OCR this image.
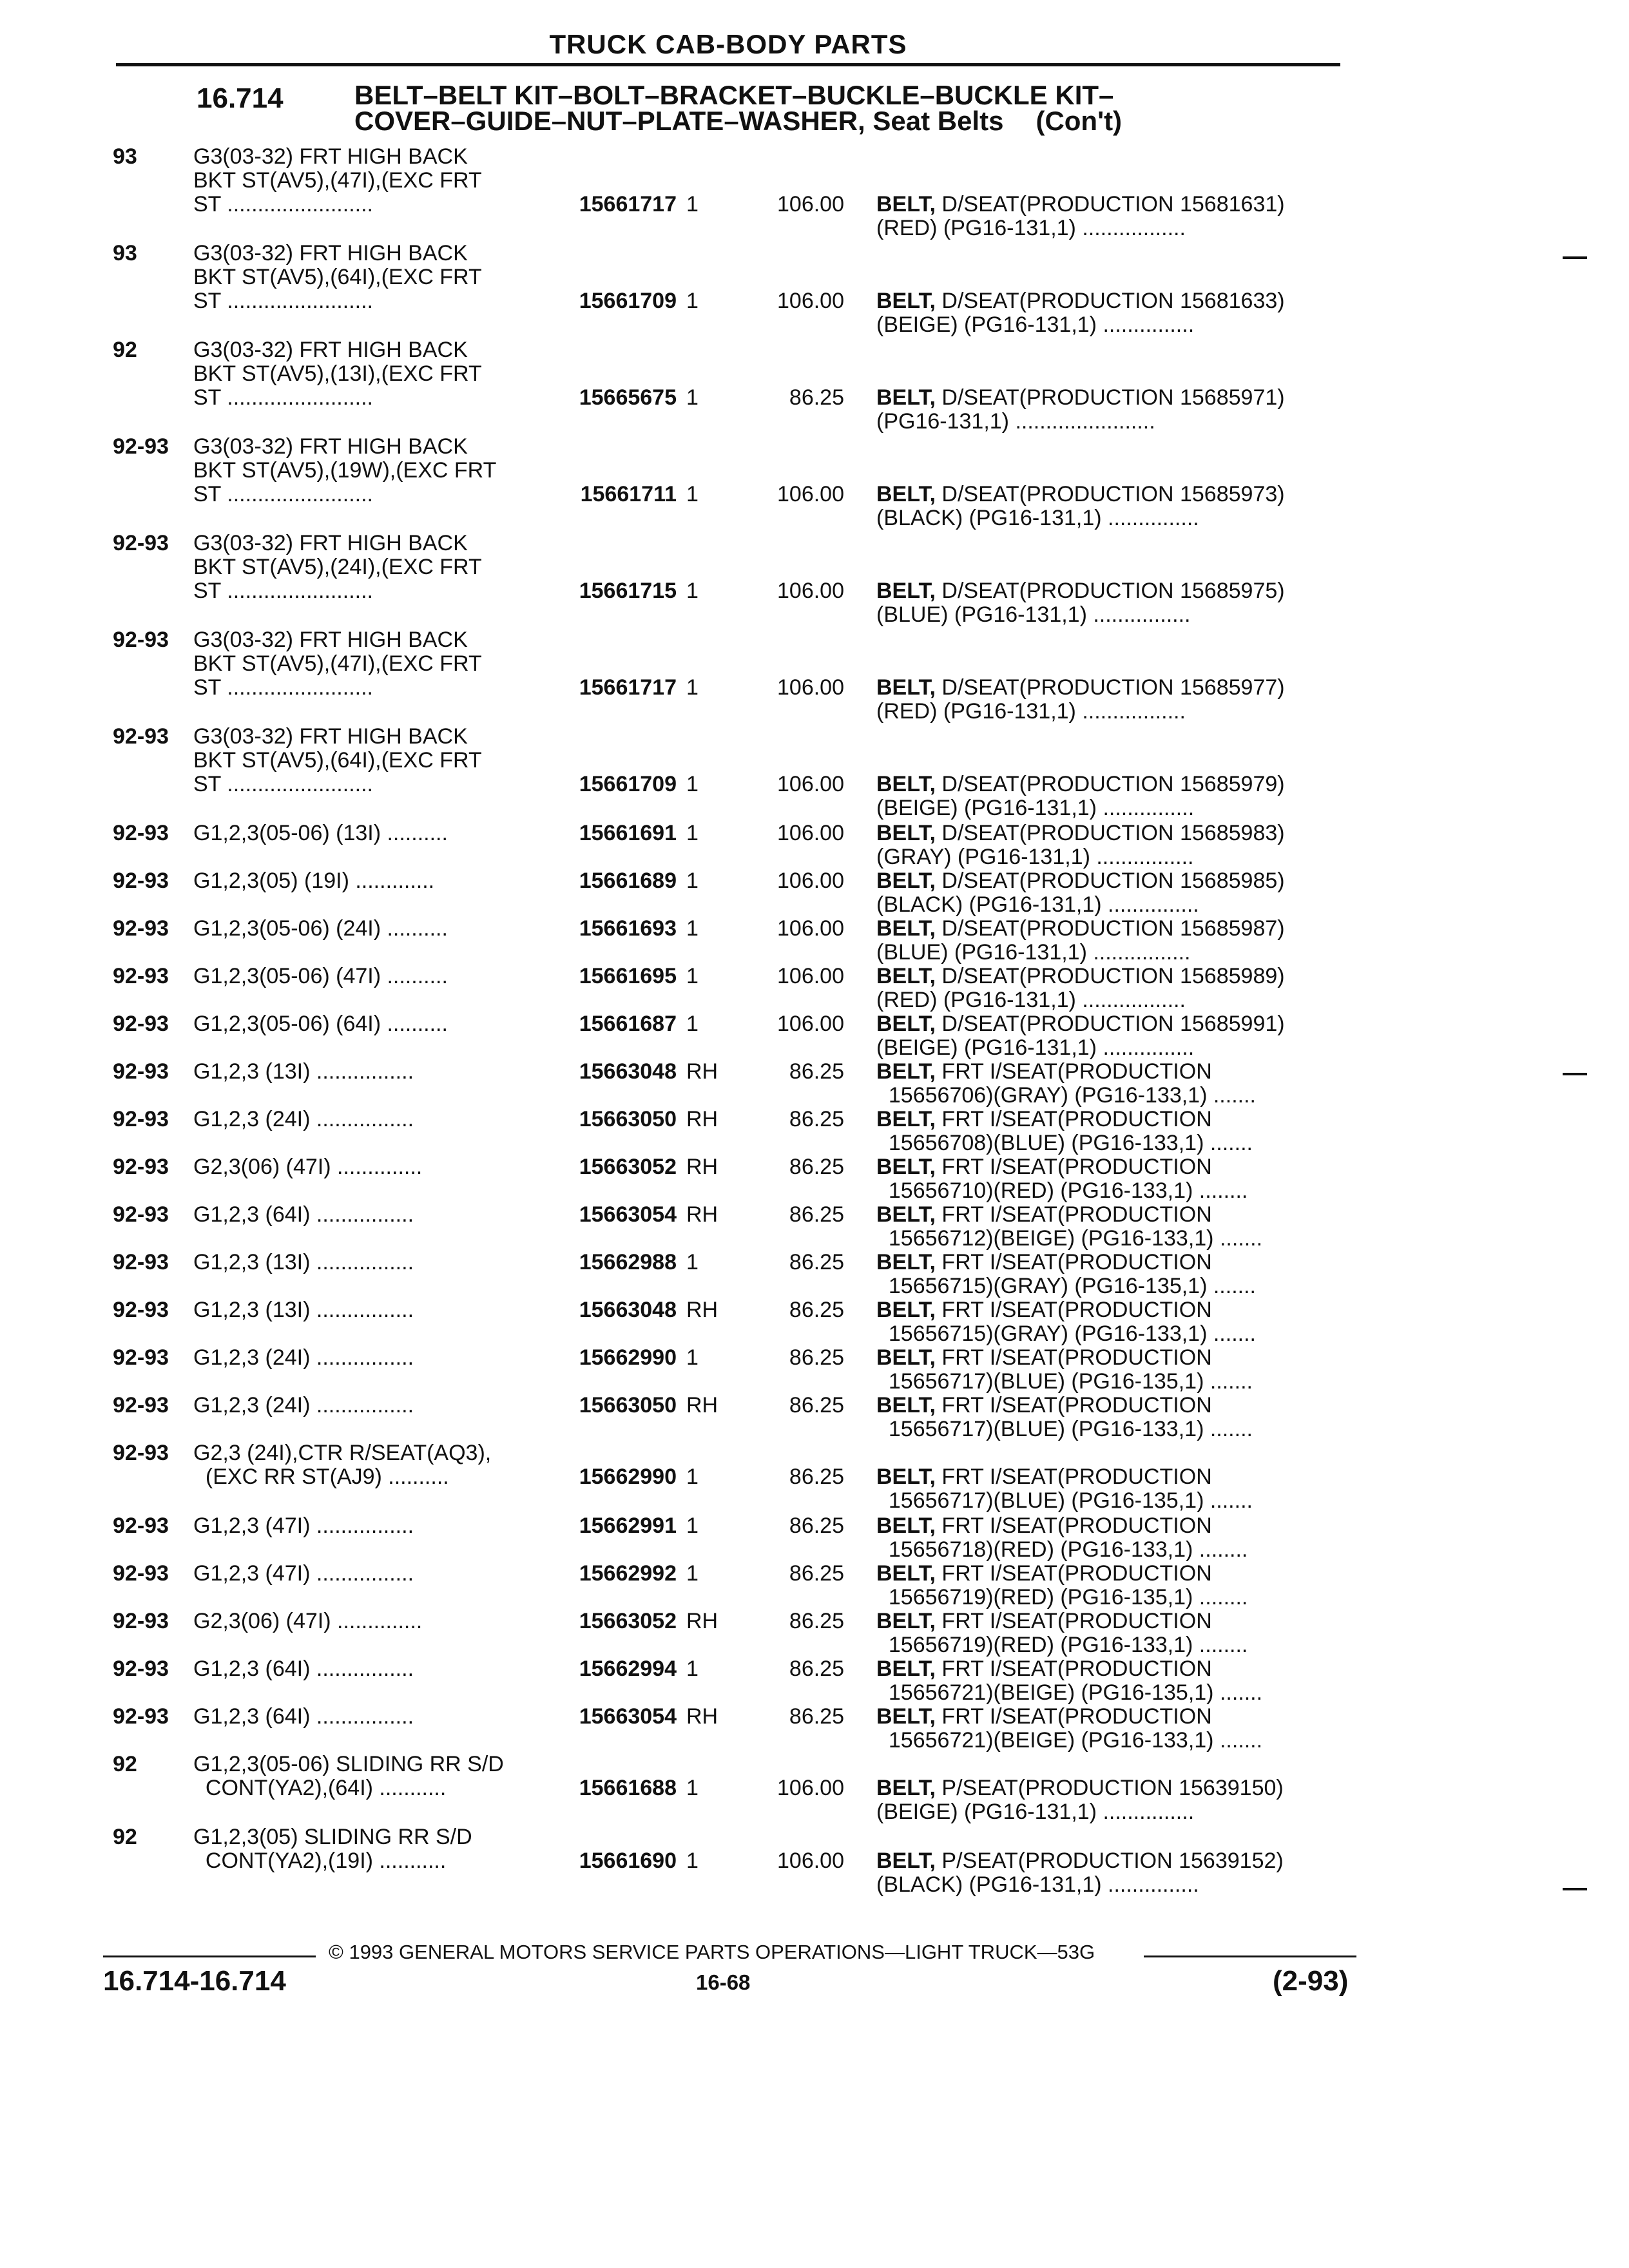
TRUCK CAB-BODY PARTS
16.714	BELT–BELT KIT–BOLT–BRACKET–BUCKLE–BUCKLE KIT–
COVER–GUIDE–NUT–PLATE–WASHER, Seat Belts (Con't)
93	G3(03-32) FRT HIGH BACK
BKT ST(AV5),(47I),(EXC FRT
ST ........................	15661717 1	106.00 BELT, D/SEAT(PRODUCTION 15681631)
(RED) (PG16-131,1) .................
93	G3(03-32) FRT HIGH BACK
BKT ST(AV5),(64I),(EXC FRT
ST ........................	15661709 1	106.00 BELT, D/SEAT(PRODUCTION 15681633)
(BEIGE) (PG16-131,1) ...............
92	G3(03-32) FRT HIGH BACK
BKT ST(AV5),(13I),(EXC FRT
ST ........................	15665675 1	86.25 BELT, D/SEAT(PRODUCTION 15685971)
(PG16-131,1) .......................
92-93	G3(03-32) FRT HIGH BACK
BKT ST(AV5),(19W),(EXC FRT
ST ........................	15661711 1	106.00 BELT, D/SEAT(PRODUCTION 15685973)
(BLACK) (PG16-131,1) ...............
92-93	G3(03-32) FRT HIGH BACK
BKT ST(AV5),(24I),(EXC FRT
ST ........................	15661715 1	106.00 BELT, D/SEAT(PRODUCTION 15685975)
(BLUE) (PG16-131,1) ................
92-93	G3(03-32) FRT HIGH BACK
BKT ST(AV5),(47I),(EXC FRT
ST ........................	15661717 1	106.00 BELT, D/SEAT(PRODUCTION 15685977)
(RED) (PG16-131,1) .................
92-93	G3(03-32) FRT HIGH BACK
BKT ST(AV5),(64I),(EXC FRT
ST ........................	15661709 1	106.00 BELT, D/SEAT(PRODUCTION 15685979)
(BEIGE) (PG16-131,1) ...............
92-93	G1,2,3(05-06) (13I) ..........	15661691 1	106.00 BELT, D/SEAT(PRODUCTION 15685983)
(GRAY) (PG16-131,1) ................
92-93	G1,2,3(05) (19I) .............	15661689 1	106.00 BELT, D/SEAT(PRODUCTION 15685985)
(BLACK) (PG16-131,1) ...............
92-93	G1,2,3(05-06) (24I) ..........	15661693 1	106.00 BELT, D/SEAT(PRODUCTION 15685987)
(BLUE) (PG16-131,1) ................
92-93	G1,2,3(05-06) (47I) ..........	15661695 1	106.00 BELT, D/SEAT(PRODUCTION 15685989)
(RED) (PG16-131,1) .................
92-93	G1,2,3(05-06) (64I) ..........	15661687 1	106.00 BELT, D/SEAT(PRODUCTION 15685991)
(BEIGE) (PG16-131,1) ...............
92-93	G1,2,3 (13I) ................	15663048 RH	86.25 BELT, FRT I/SEAT(PRODUCTION
15656706)(GRAY) (PG16-133,1) .......
92-93	G1,2,3 (24I) ................	15663050 RH	86.25 BELT, FRT I/SEAT(PRODUCTION
15656708)(BLUE) (PG16-133,1) .......
92-93	G2,3(06) (47I) ..............	15663052 RH	86.25 BELT, FRT I/SEAT(PRODUCTION
15656710)(RED) (PG16-133,1) ........
92-93	G1,2,3 (64I) ................	15663054 RH	86.25 BELT, FRT I/SEAT(PRODUCTION
15656712)(BEIGE) (PG16-133,1) .......
92-93	G1,2,3 (13I) ................	15662988 1	86.25 BELT, FRT I/SEAT(PRODUCTION
15656715)(GRAY) (PG16-135,1) .......
92-93	G1,2,3 (13I) ................	15663048 RH	86.25 BELT, FRT I/SEAT(PRODUCTION
15656715)(GRAY) (PG16-133,1) .......
92-93	G1,2,3 (24I) ................	15662990 1	86.25 BELT, FRT I/SEAT(PRODUCTION
15656717)(BLUE) (PG16-135,1) .......
92-93	G1,2,3 (24I) ................	15663050 RH	86.25 BELT, FRT I/SEAT(PRODUCTION
15656717)(BLUE) (PG16-133,1) .......
92-93	G2,3 (24I),CTR R/SEAT(AQ3),
(EXC RR ST(AJ9) ..........	15662990 1	86.25 BELT, FRT I/SEAT(PRODUCTION
15656717)(BLUE) (PG16-135,1) .......
92-93	G1,2,3 (47I) ................	15662991 1	86.25 BELT, FRT I/SEAT(PRODUCTION
15656718)(RED) (PG16-133,1) ........
92-93	G1,2,3 (47I) ................	15662992 1	86.25 BELT, FRT I/SEAT(PRODUCTION
15656719)(RED) (PG16-135,1) ........
92-93	G2,3(06) (47I) ..............	15663052 RH	86.25 BELT, FRT I/SEAT(PRODUCTION
15656719)(RED) (PG16-133,1) ........
92-93	G1,2,3 (64I) ................	15662994 1	86.25 BELT, FRT I/SEAT(PRODUCTION
15656721)(BEIGE) (PG16-135,1) .......
92-93	G1,2,3 (64I) ................	15663054 RH	86.25 BELT, FRT I/SEAT(PRODUCTION
15656721)(BEIGE) (PG16-133,1) .......
92	G1,2,3(05-06) SLIDING RR S/D
CONT(YA2),(64I) ...........	15661688 1	106.00 BELT, P/SEAT(PRODUCTION 15639150)
(BEIGE) (PG16-131,1) ...............
92	G1,2,3(05) SLIDING RR S/D
CONT(YA2),(19I) ...........	15661690 1	106.00 BELT, P/SEAT(PRODUCTION 15639152)
(BLACK) (PG16-131,1) ...............
© 1993 GENERAL MOTORS SERVICE PARTS OPERATIONS—LIGHT TRUCK—53G
16.714-16.714	16-68	(2-93)
